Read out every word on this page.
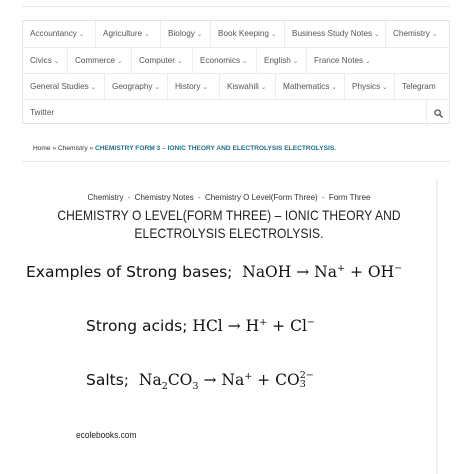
Accountancy ⌄	Agriculture ⌄	Biology ⌄	Book Keeping ⌄	Business Study Notes ⌄	Chemistry ⌄
Civics ⌄	Commerce ⌄	Computer ⌄	Economics ⌄	English ⌄	France Notes ⌄
General Studies ⌄	Geography ⌄	History ⌄	Kiswahili ⌄	Mathematics ⌄	Physics ⌄	Telegram
Twitter
Home » Chemistry » CHEMISTRY FORM 3 – IONIC THEORY AND ELECTROLYSIS ELECTROLYSIS.
Chemistry - Chemistry Notes - Chemistry O Level(Form Three) - Form Three
CHEMISTRY O LEVEL(FORM THREE) – IONIC THEORY AND
ELECTROLYSIS ELECTROLYSIS.
Examples of Strong bases; NaOH → Na+ + OH−
Strong acids; HCl → H+ + Cl−
Salts; $Na_2CO_3 \to Na^+$ + CO 2−
3
ecolebooks.com
